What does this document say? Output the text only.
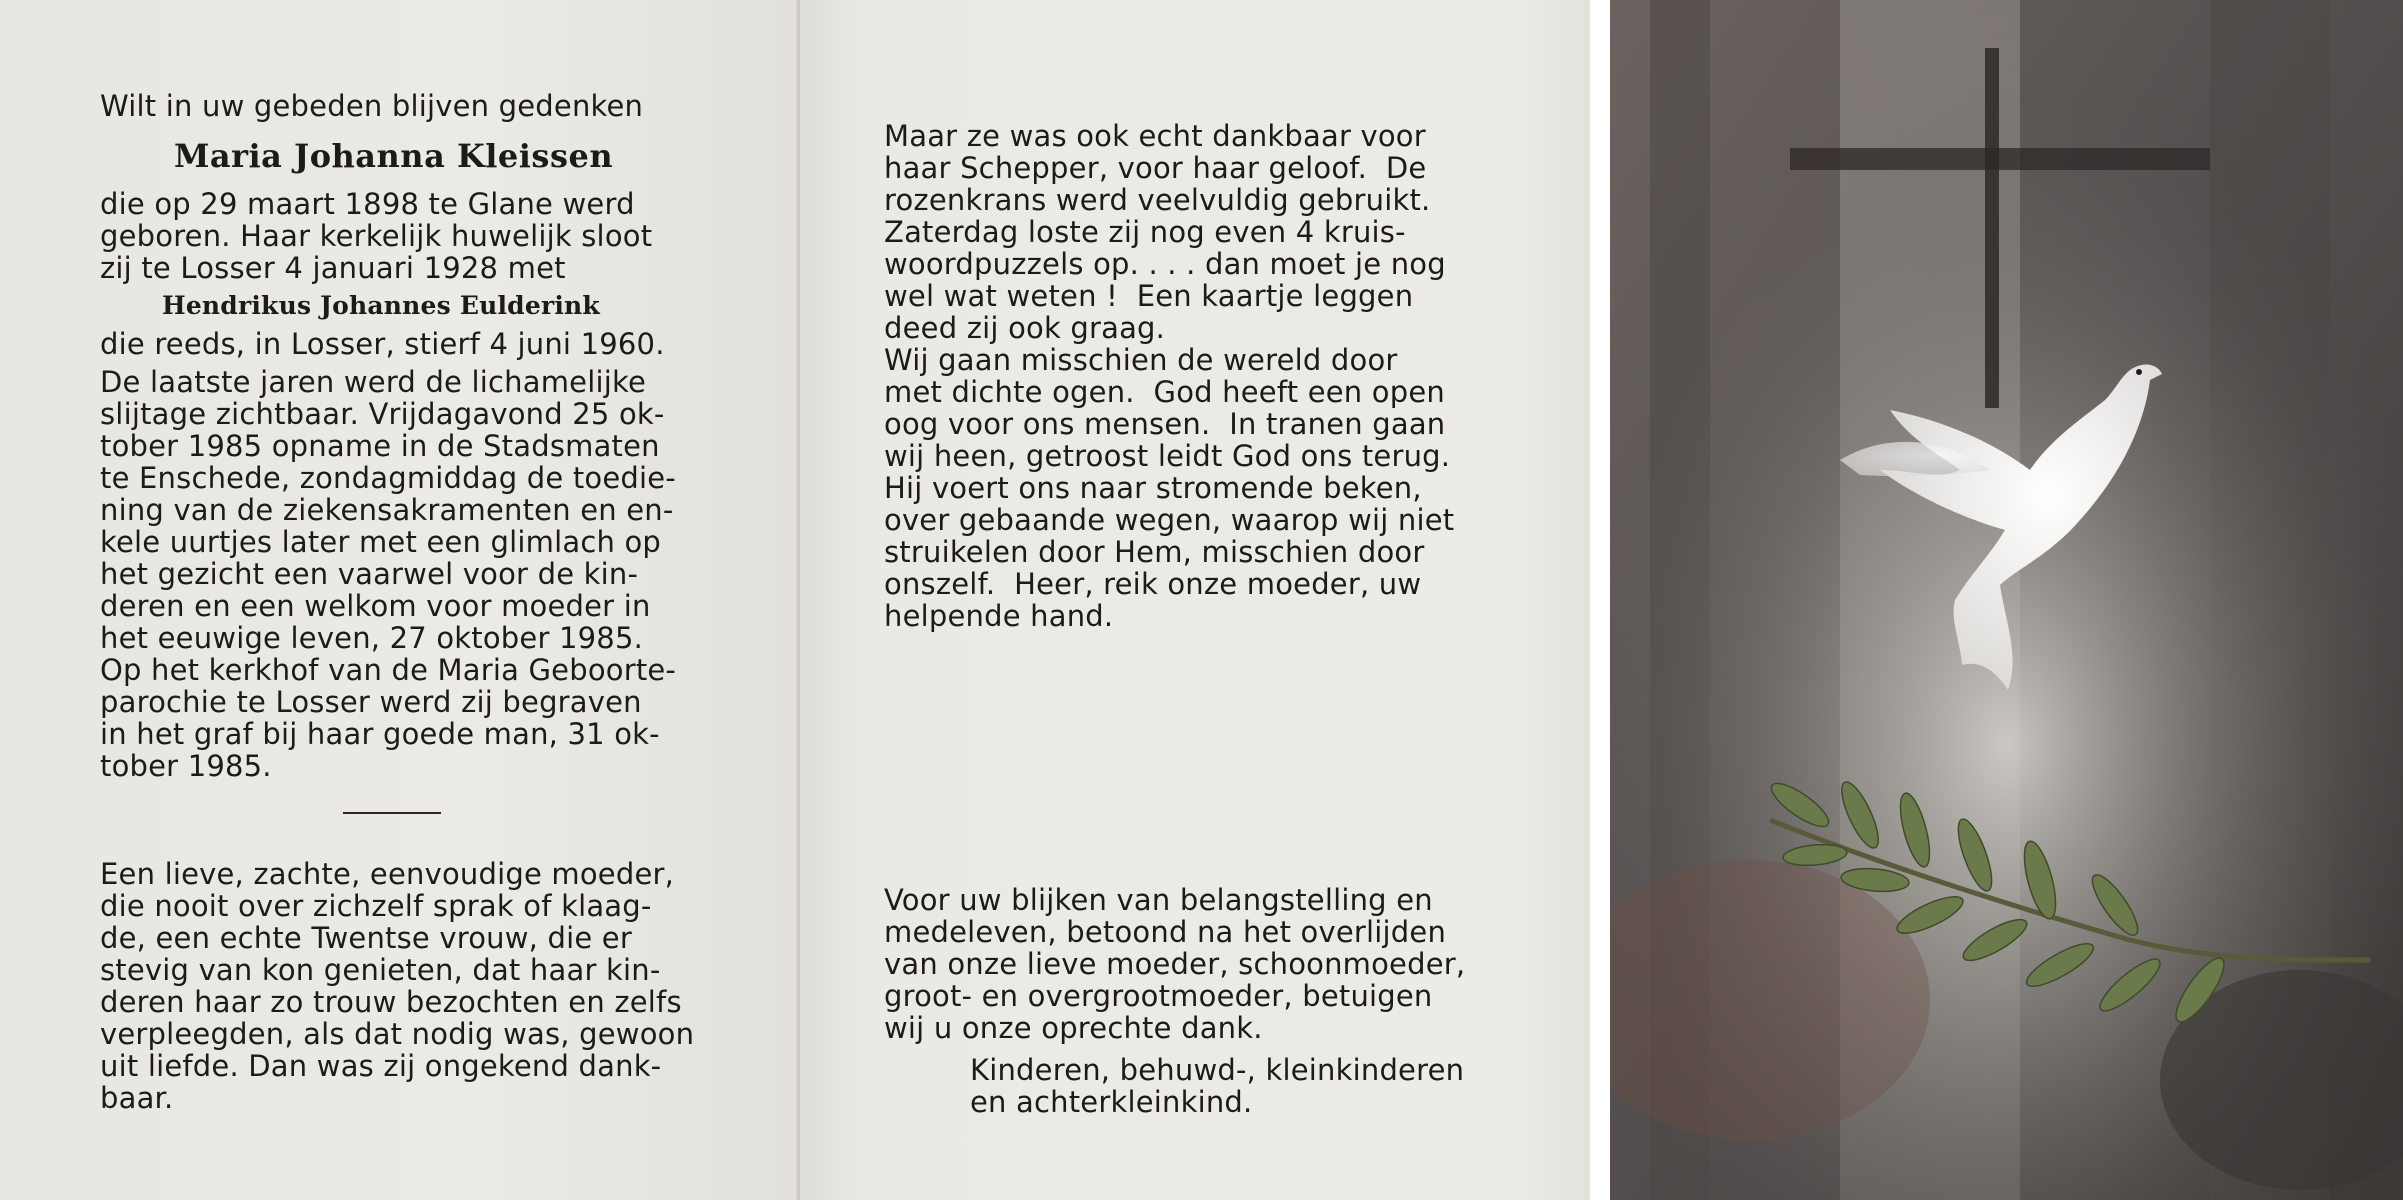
Wilt in uw gebeden blijven gedenken
Maria Johanna Kleissen
die op 29 maart 1898 te Glane werd
geboren. Haar kerkelijk huwelijk sloot
zij te Losser 4 januari 1928 met
Hendrikus Johannes Eulderink
die reeds, in Losser, stierf 4 juni 1960.
De laatste jaren werd de lichamelijke
slijtage zichtbaar. Vrijdagavond 25 ok-
tober 1985 opname in de Stadsmaten
te Enschede, zondagmiddag de toedie-
ning van de ziekensakramenten en en-
kele uurtjes later met een glimlach op
het gezicht een vaarwel voor de kin-
deren en een welkom voor moeder in
het eeuwige leven, 27 oktober 1985.
Op het kerkhof van de Maria Geboorte-
parochie te Losser werd zij begraven
in het graf bij haar goede man, 31 ok-
tober 1985.
Een lieve, zachte, eenvoudige moeder,
die nooit over zichzelf sprak of klaag-
de, een echte Twentse vrouw, die er
stevig van kon genieten, dat haar kin-
deren haar zo trouw bezochten en zelfs
verpleegden, als dat nodig was, gewoon
uit liefde. Dan was zij ongekend dank-
baar.
Maar ze was ook echt dankbaar voor
haar Schepper, voor haar geloof.  De
rozenkrans werd veelvuldig gebruikt.
Zaterdag loste zij nog even 4 kruis-
woordpuzzels op. . . . dan moet je nog
wel wat weten !  Een kaartje leggen
deed zij ook graag.
Wij gaan misschien de wereld door
met dichte ogen.  God heeft een open
oog voor ons mensen.  In tranen gaan
wij heen, getroost leidt God ons terug.
Hij voert ons naar stromende beken,
over gebaande wegen, waarop wij niet
struikelen door Hem, misschien door
onszelf.  Heer, reik onze moeder, uw
helpende hand.
Voor uw blijken van belangstelling en
medeleven, betoond na het overlijden
van onze lieve moeder, schoonmoeder,
groot- en overgrootmoeder, betuigen
wij u onze oprechte dank.
Kinderen, behuwd-, kleinkinderen
en achterkleinkind.
